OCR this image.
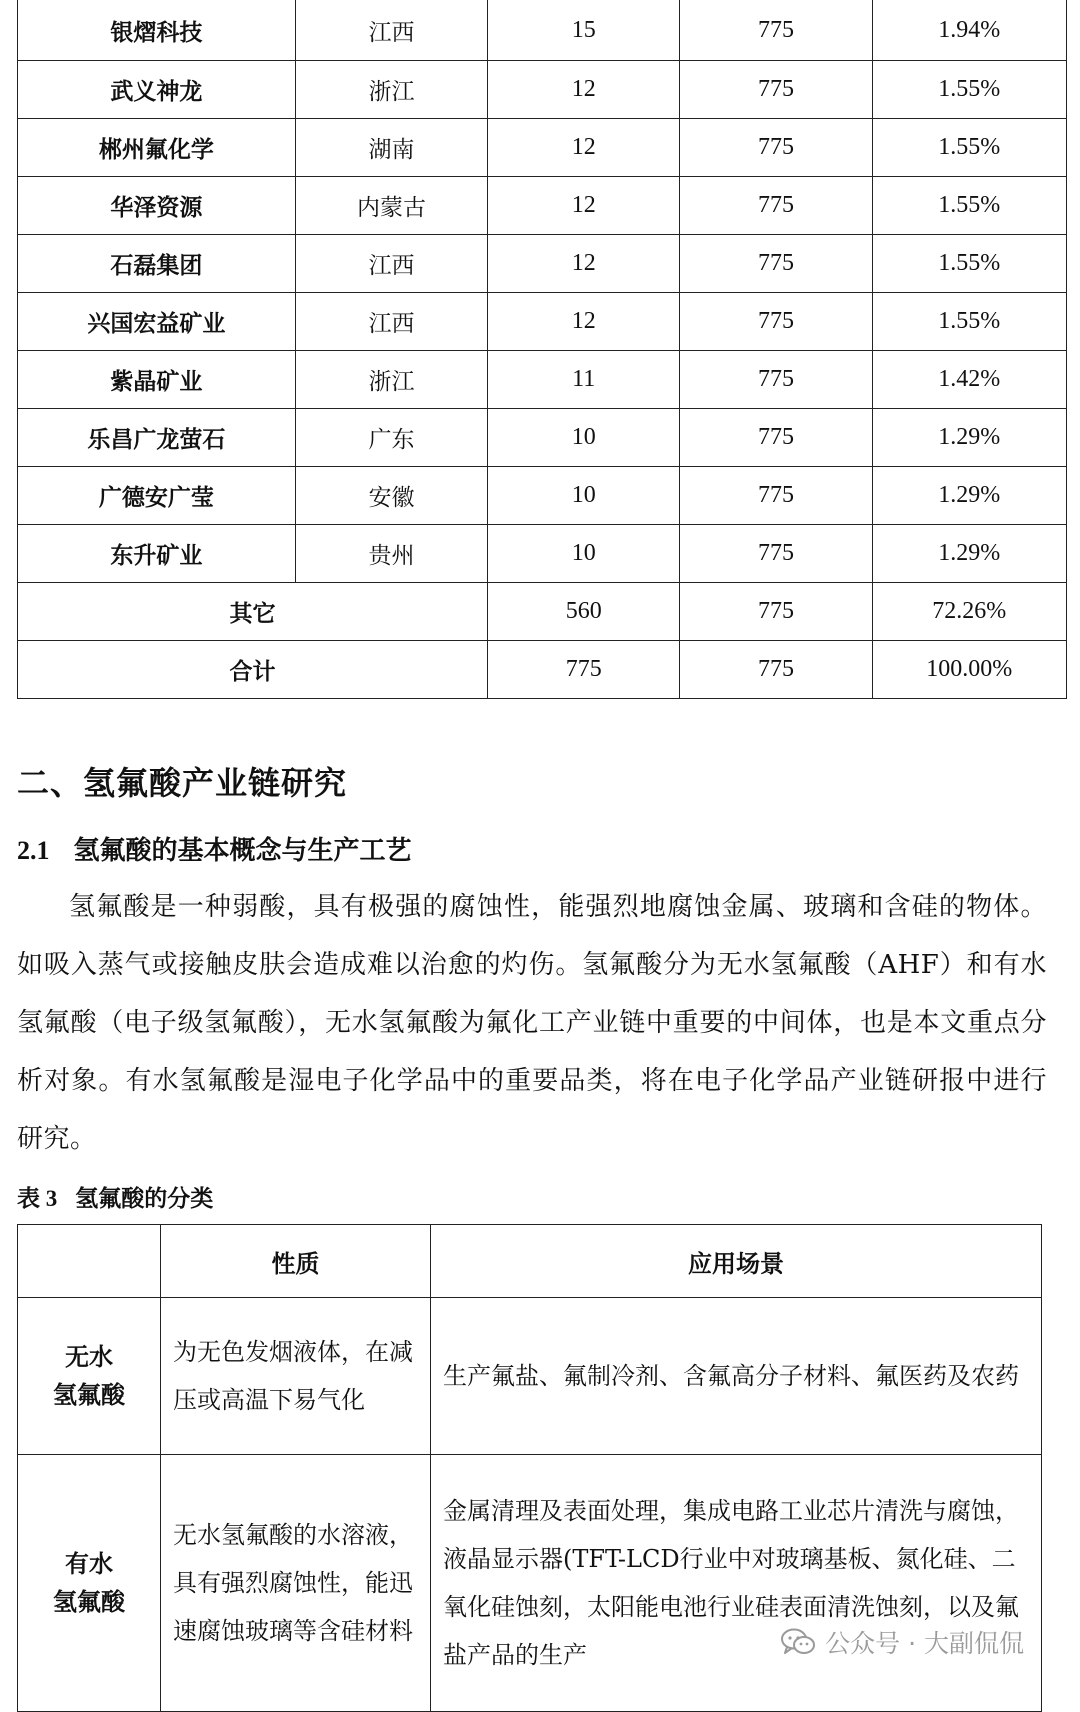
银熠科技	江西	15	775	1.94%
武义神龙	浙江	12	775	1.55%
郴州氟化学	湖南	12	775	1.55%
华泽资源	内蒙古	12	775	1.55%
石磊集团	江西	12	775	1.55%
兴国宏益矿业	江西	12	775	1.55%
紫晶矿业	浙江	11	775	1.42%
乐昌广龙萤石	广东	10	775	1.29%
广德安广莹	安徽	10	775	1.29%
东升矿业	贵州	10	775	1.29%
其它		560	775	72.26%
合计		775	775	100.00%
二、氢氟酸产业链研究
2.1 氢氟酸的基本概念与生产工艺

氢氟酸是一种弱酸，具有极强的腐蚀性，能强烈地腐蚀金属、玻璃和含硅的物体。如吸入蒸气或接触皮肤会造成难以治愈的灼伤。氢氟酸分为无水氢氟酸（AHF）和有水氢氟酸（电子级氢氟酸），无水氢氟酸为氟化工产业链中重要的中间体，也是本文重点分析对象。有水氢氟酸是湿电子化学品中的重要品类，将在电子化学品产业链研报中进行研究。

表 3 氢氟酸的分类
	性质	应用场景
无水
氢氟酸	为无色发烟液体，在减压或高温下易气化	生产氟盐、氟制冷剂、含氟高分子材料、氟医药及农药
有水
氢氟酸	无水氢氟酸的水溶液，具有强烈腐蚀性，能迅速腐蚀玻璃等含硅材料	金属清理及表面处理，集成电路工业芯片清洗与腐蚀，液晶显示器(TFT-LCD行业中对玻璃基板、氮化硅、二氧化硅蚀刻，太阳能电池行业硅表面清洗蚀刻，以及氟盐产品的生产	公众号 · 大副侃侃
